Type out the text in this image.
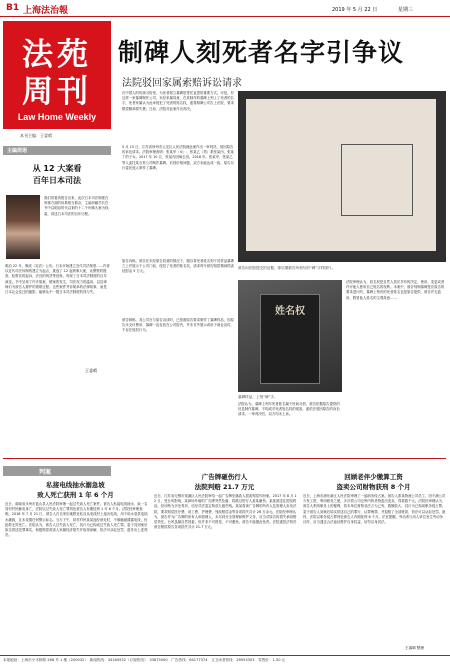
B1 上海法治報	2019 年 5 月 22 日	星期三
法苑
周刊
Law Home Weekly
本刊主编：王睿晴
主编周语
从 12 大案看
百年日本司法
我们常看到报告出来，此次日本司法制度在刑事方面的体系相当繁杂，主编伊藤学长在书中以明治时代以来的十二个刑事大案为线索，讲述日本司法的百年历程。
明治 22 年，修改《宪法》公布。日本开始建立近代司法制度……作者以近代司法体制的建立为起点，挑选了 12 起刑事大案，从警察的搜查、检察官的起诉、法官的判决等视角，再现了日本司法制度的百年演变。书中呈现了许多冤案、错案的发生，司法权力的滥用，以及律师们为被告人辩护的艰难过程。这些案件并非简单的法律故事，而是日本社会变迁的缩影，能够从中一窥日本司法制度的得与失。
王睿晴
制碑人刻死者名字引争议
法院驳回家属索赔诉讼请求
在中国人的传统习俗里，为死者树立墓碑是寄托哀思的重要方式。可是，有这样一家墓碑制作公司，未经家属同意，在其制作的墓碑上刻上了死者的名字，死者家属认为此举侵犯了死者的姓名权，遂将制碑公司告上法院，要求赔偿精神损失费。日前，法院对此案作出判决。
5 月 15 日，江苏省徐州市云龙区人民法院就此案作出一审判决，驳回原告的诉讼请求。法院审理查明：张某甲（女）、张某乙（男）系张某丙、张某丁的子女。2017 年 10 月，张某丙因病去世。2018 年，张某甲、张某乙等人委托某石材公司制作墓碑，后因价格问题，双方未能达成一致，原告另行委托他人制作了墓碑。
原告诉称，被告在未经原告同意的情况下，擅自将死者姓名刻于其样品墓碑之上并展示于公司门前，侵犯了死者的姓名权，请求判令被告赔偿精神损害抚慰金 5 万元。
被告向法院提交的证据，即后期被告所刻写的“碑”字样图片。
被告辩称，其公司在与原告洽谈时，已按照原告要求制作了墓碑样品，因原告未支付费用，墓碑一直存放在公司院内，并未对外展示或用于商业宣传，不存在侵权行为。
姓名权
墓碑样品，上刻“碑”字。
法院认为，墓碑上刻写死者姓名属于民间习俗，被告依据原告提供的信息制作墓碑，不构成对死者姓名权的侵害，遂依法驳回原告的诉讼请求。一审判决后，双方均未上诉。
法院审理认为，姓名权是自然人依法享有的决定、使用、变更或者许可他人使用自己姓名的权利。本案中，被告刻制墓碑是应原告的要求进行的，墓碑上刻有的死者姓名也是原告提供，被告并无盗用、假冒他人姓名的主观故意……
判案
私接电线抽水溺急坡
致人死亡获刑 1 年 6 个月
近日，湖南省永州市蓝山县人民法院审理一起过失致人死亡案件。被告人私接电线抽水，致一名同村村民触电身亡，法院以过失致人死亡罪判处被告人有期徒刑 1 年 6 个月。法院经审理查明，2018 年 7 月 21 日，被告人在自家田地附近私自从电线杆上接出电线，用于给水泵供电抽水灌溉，且未设置任何警示标志。当天下午，同村村民某某途经该处时，不慎触碰裸露电线，经抢救无效死亡。法院认为，被告人过失致人死亡，其行为已构成过失致人死亡罪。鉴于其到案后如实供述犯罪事实，积极赔偿被害人家属经济损失并取得谅解，依法可从轻处罚，遂作出上述判决。
广告牌砸伤行人
法院判赔 21.7 万元
近日，江苏省无锡市梁溪区人民法院审结一起广告牌坠落致人损害赔偿纠纷案。2017 年 8 月 12 日，受台风影响，某商场外墙的广告牌突然坠落，将路过的行人某某砸伤。某某被送往医院救治，经诊断为多处骨折，后经司法鉴定构成九级伤残。某某将该广告牌的所有人及管理人诉至法院，要求赔偿医疗费、误工费、护理费、残疾赔偿金等各项损失共计 26 万余元。法院经审理认为，被告作为广告牌的所有人和管理人，未尽到安全管理和维护义务，应当对原告的损失承担赔偿责任。台风虽属自然因素，但并非不可预见、不可避免，被告不能据此免责。法院遂依法判决被告赔偿原告各项损失共计 21.7 万元。
回顾老伴少缴算工资
盗卖公司财物获刑 8 个月
近日，上海市浦东新区人民法院审理了一起职务侵占案。被告人系某物流公司员工，因不满公司少发工资，利用职务之便，多次将公司仓库内的货物盗出变卖，得款数千元。法院经审理认为，被告人利用职务上的便利，将本单位财物非法占为己有，数额较大，其行为已构成职务侵占罪。鉴于被告人到案后如实供述自己的罪行，认罪悔罪，并退赔了全部赃款，依法可以从轻处罚。最终，法院以职务侵占罪判处被告人有期徒刑 8 个月。法官提醒，劳动者与用人单位发生劳动争议时，应当通过合法途径维护自身权益，切勿以身试法。
王睿晴 整理
本报地址：上海市小木桥路 268 号 1 楼（200032）　新闻热线：34160932（订阅热线）　33875000　广告热线：64177374　文卫读者热线：28953303　零售价：1.50 元
